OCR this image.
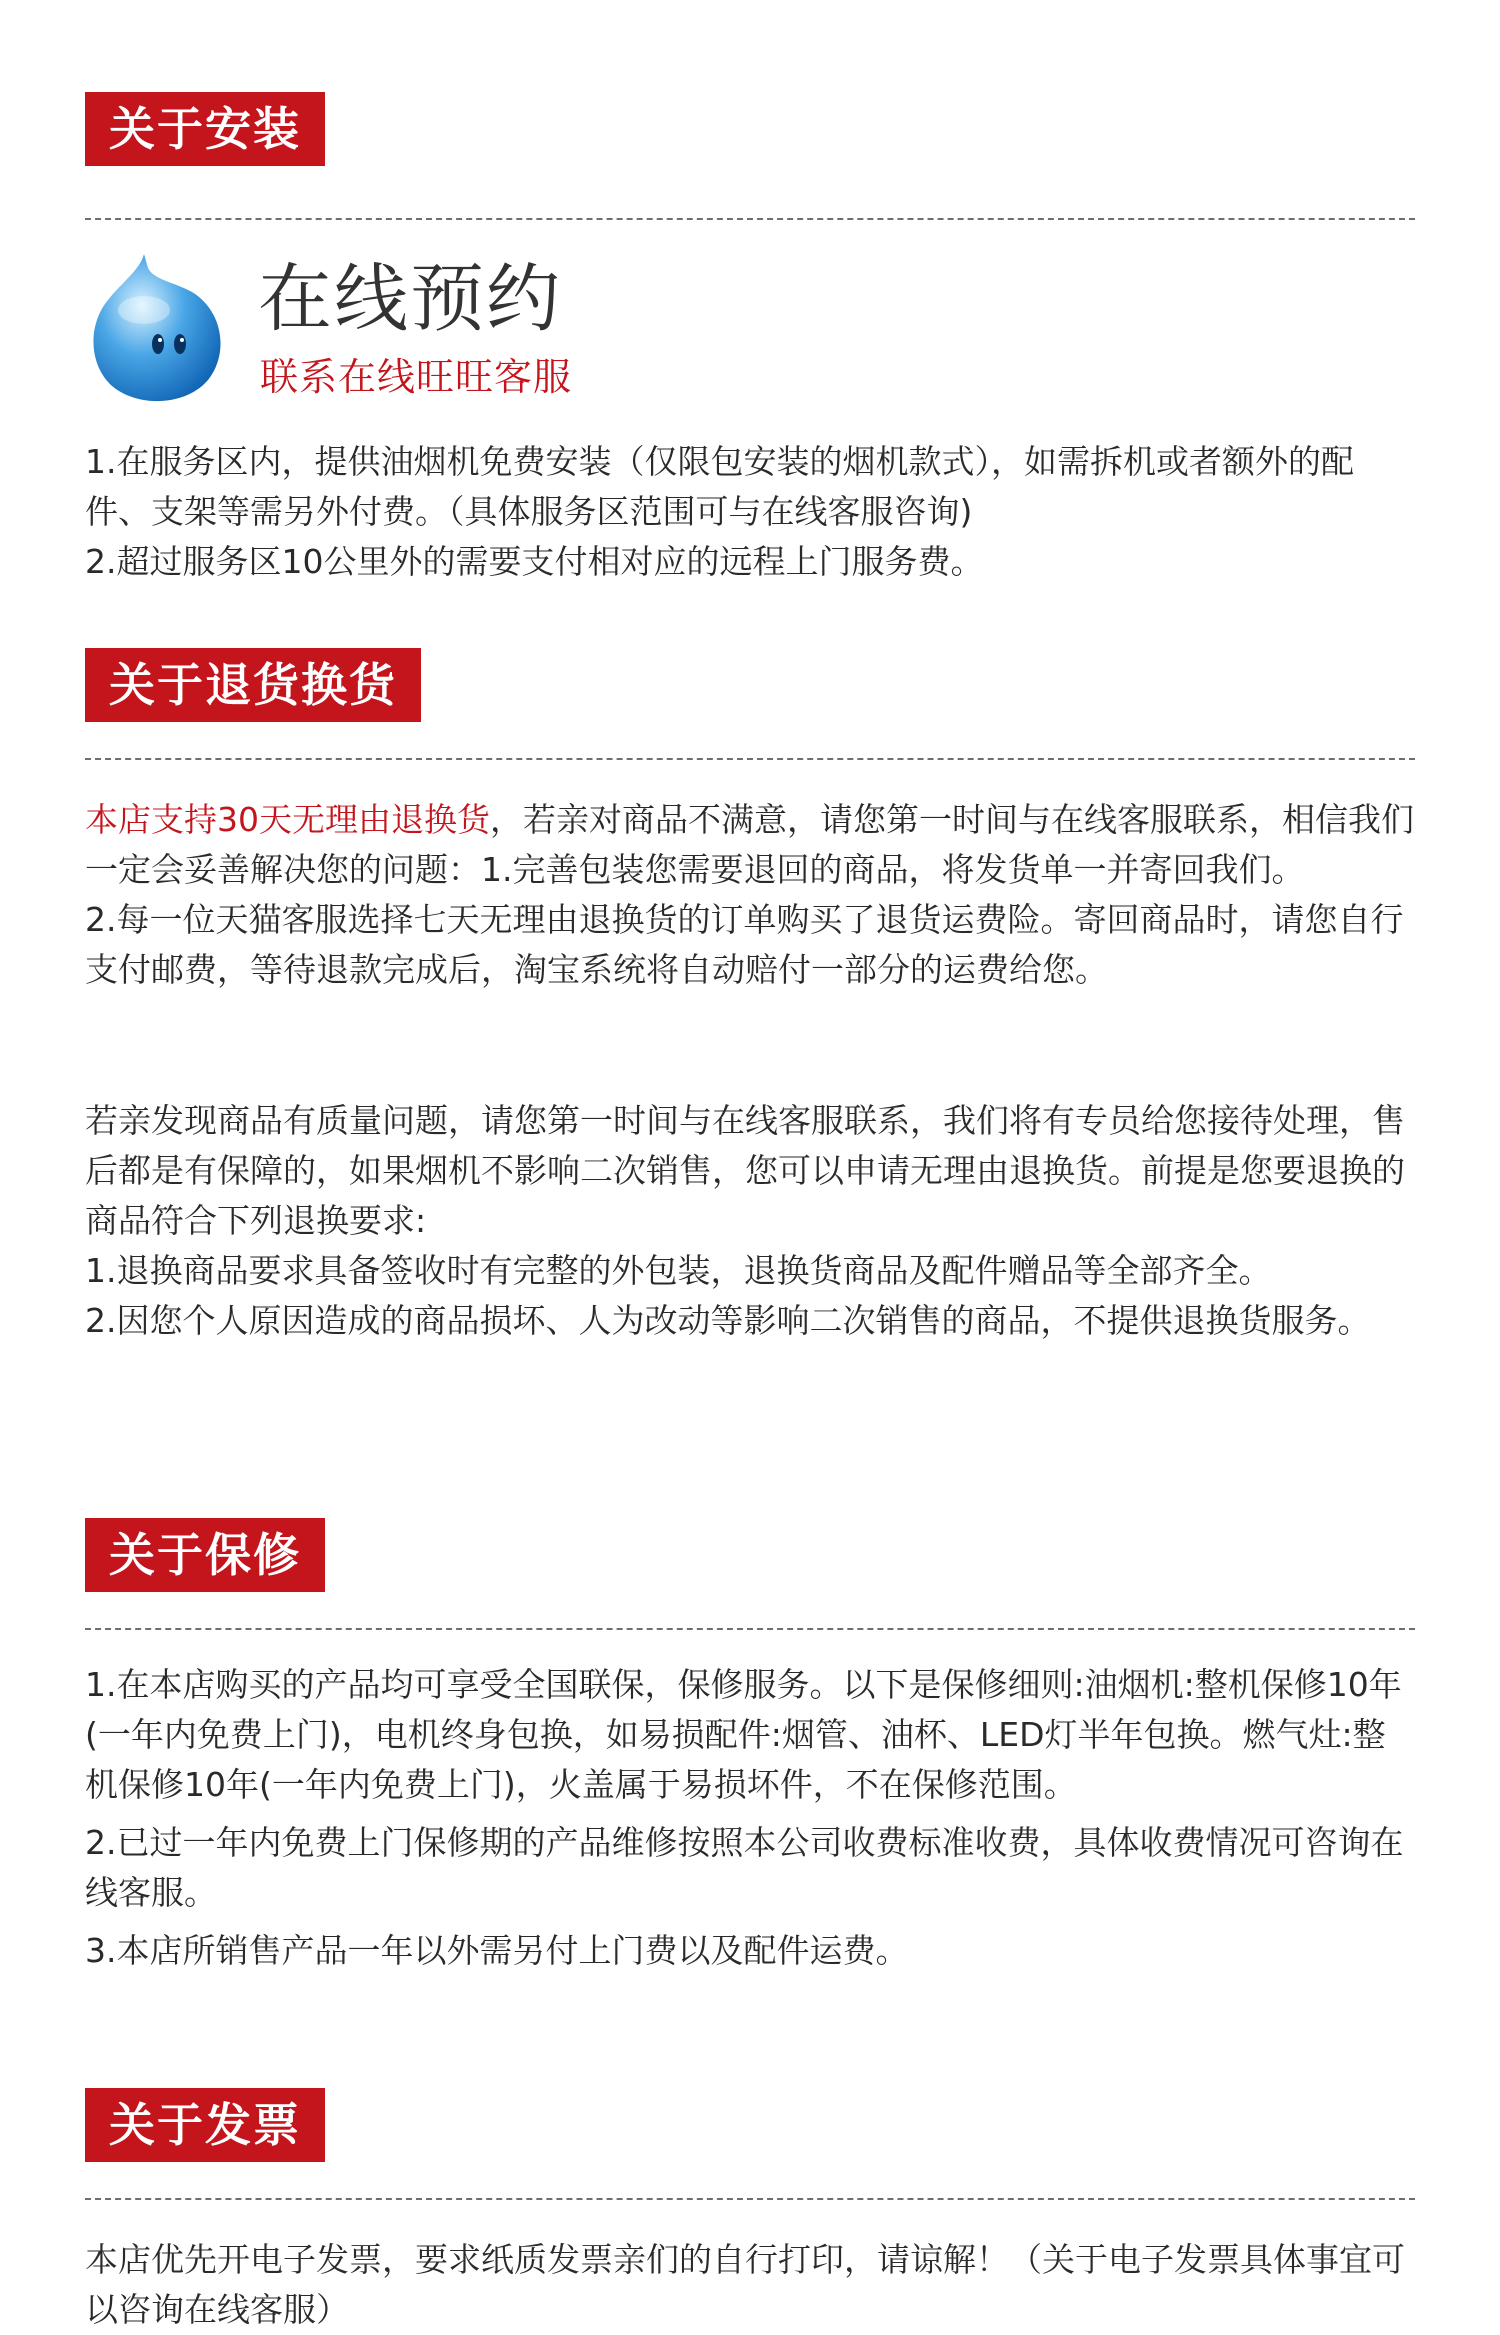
关于安装
在线预约
联系在线旺旺客服

1.在服务区内，提供油烟机免费安装（仅限包安装的烟机款式），如需拆机或者额外的配件、支架等需另外付费。（具体服务区范围可与在线客服咨询)

2.超过服务区10公里外的需要支付相对应的远程上门服务费。

关于退货换货

本店支持30天无理由退换货，若亲对商品不满意，请您第一时间与在线客服联系，相信我们一定会妥善解决您的问题：1.完善包装您需要退回的商品，将发货单一并寄回我们。

2.每一位天猫客服选择七天无理由退换货的订单购买了退货运费险。寄回商品时，请您自行支付邮费，等待退款完成后，淘宝系统将自动赔付一部分的运费给您。

若亲发现商品有质量问题，请您第一时间与在线客服联系，我们将有专员给您接待处理，售后都是有保障的，如果烟机不影响二次销售，您可以申请无理由退换货。前提是您要退换的商品符合下列退换要求:

1.退换商品要求具备签收时有完整的外包装，退换货商品及配件赠品等全部齐全。

2.因您个人原因造成的商品损坏、人为改动等影响二次销售的商品，不提供退换货服务。

关于保修

1.在本店购买的产品均可享受全国联保，保修服务。以下是保修细则:油烟机:整机保修10年(一年内免费上门)，电机终身包换，如易损配件:烟管、油杯、LED灯半年包换。燃气灶:整机保修10年(一年内免费上门)，火盖属于易损坏件，不在保修范围。

2.已过一年内免费上门保修期的产品维修按照本公司收费标准收费，具体收费情况可咨询在线客服。

3.本店所销售产品一年以外需另付上门费以及配件运费。

关于发票

本店优先开电子发票，要求纸质发票亲们的自行打印，请谅解！（关于电子发票具体事宜可以咨询在线客服）
